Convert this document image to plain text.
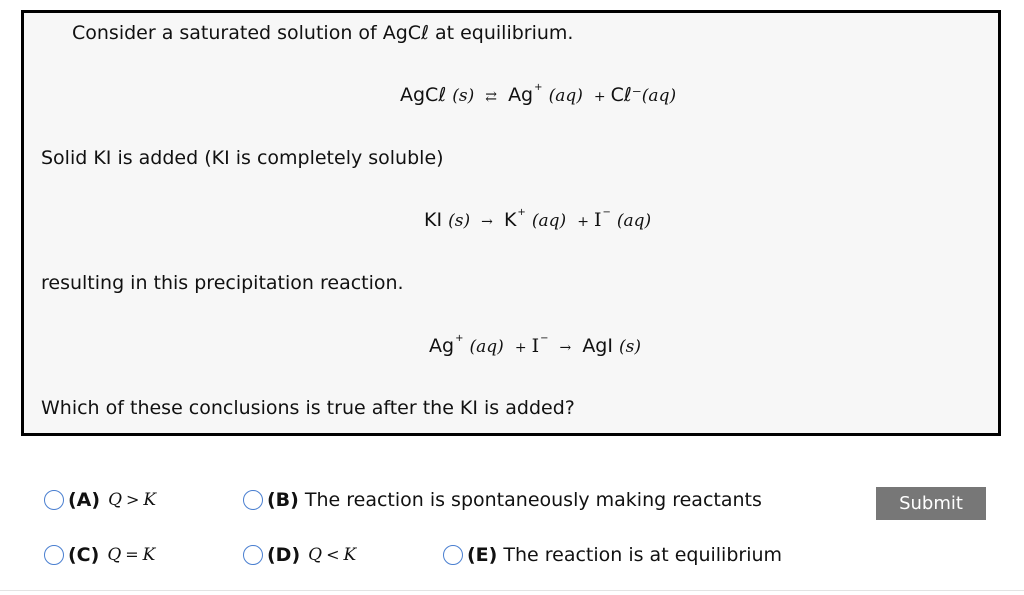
Consider a saturated solution of AgCℓ at equilibrium.
AgCℓ (s) ⇄ Ag+ (aq) + Cℓ⁻(aq)
Solid KI is added (KI is completely soluble)
KI (s) → K+ (aq) + I− (aq)
resulting in this precipitation reaction.
Ag+ (aq) + I− → AgI (s)
Which of these conclusions is true after the KI is added?
(A) Q > K	(B) The reaction is spontaneously making reactants	Submit
(C) Q = K	(D) Q < K	(E) The reaction is at equilibrium
